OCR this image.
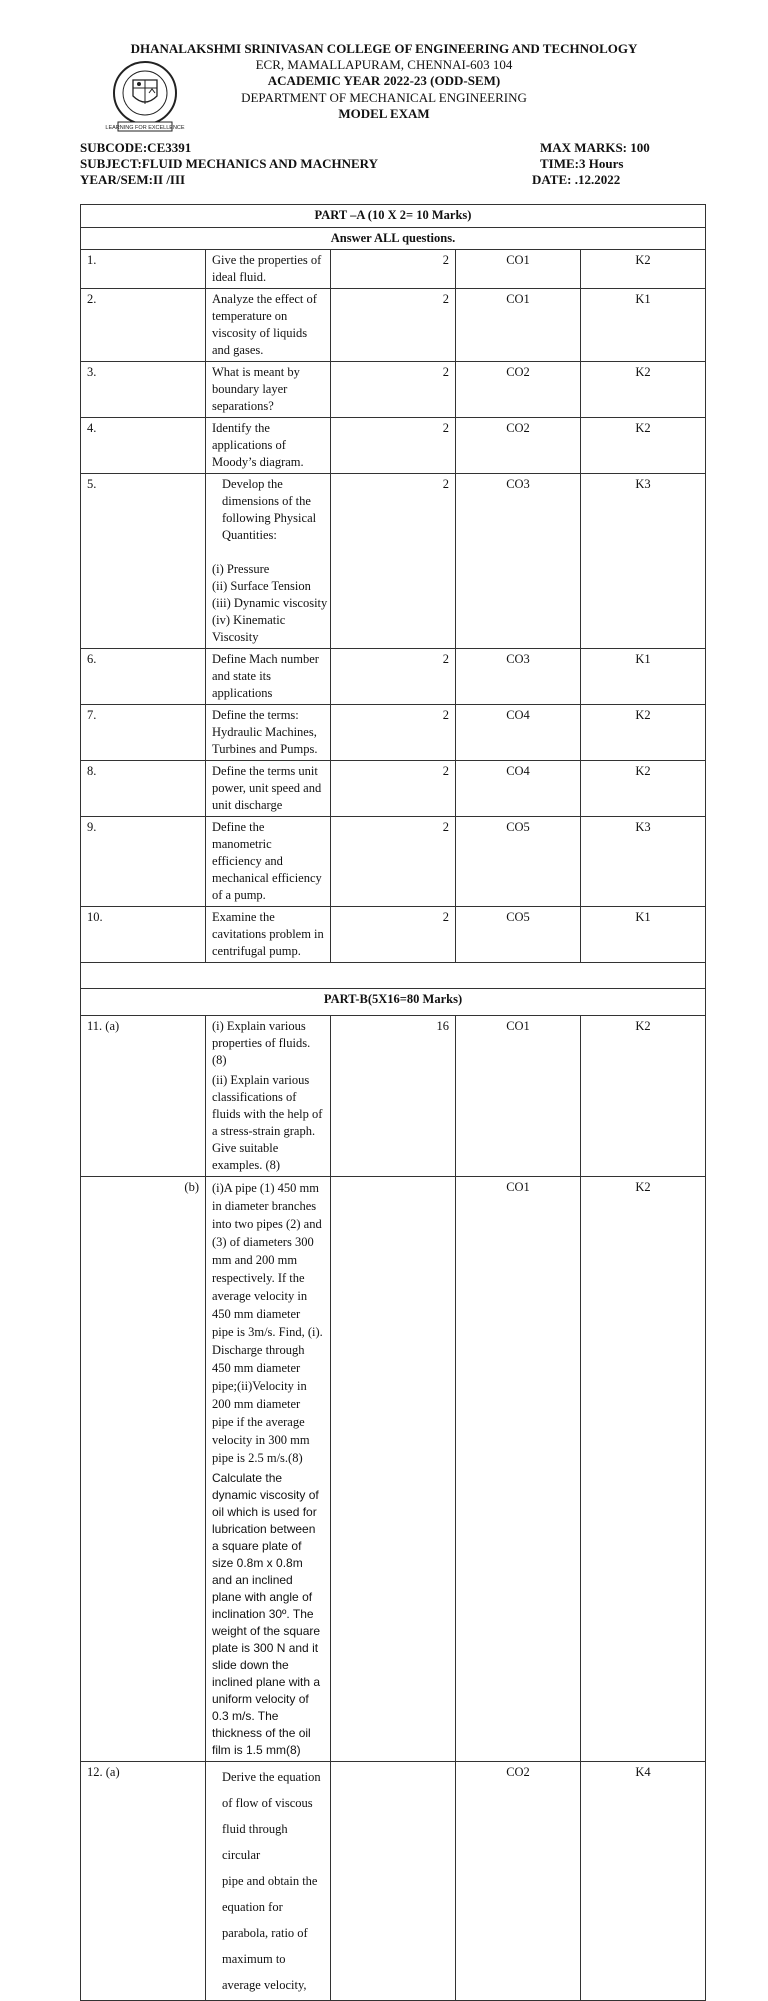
DHANALAKSHMI SRINIVASAN COLLEGE OF ENGINEERING AND TECHNOLOGY
LEARNING FOR EXCELLENCE
ECR, MAMALLAPURAM, CHENNAI-603 104
ACADEMIC YEAR 2022-23 (ODD-SEM)
DEPARTMENT OF MECHANICAL ENGINEERING
MODEL EXAM
SUBCODE:CE3391
SUBJECT:FLUID MECHANICS AND MACHNERY
YEAR/SEM:II /III
MAX MARKS: 100
TIME:3 Hours
DATE: .12.2022
PART –A (10 X 2= 10 Marks)				
Answer ALL questions.				
1.	Give the properties of ideal fluid.	2	CO1	K2
2.	Analyze the effect of temperature on viscosity of liquids and gases.	2	CO1	K1
3.	What is meant by boundary layer separations?	2	CO2	K2
4.	Identify the applications of Moody’s diagram.	2	CO2	K2
5.	Develop the dimensions of the following Physical Quantities:
(i) Pressure(ii) Surface Tension
(iii) Dynamic viscosity(iv) Kinematic Viscosity	2	CO3	K3
6.	Define Mach number and state its applications	2	CO3	K1
7.	Define the terms: Hydraulic Machines, Turbines and Pumps.	2	CO4	K2
8.	Define the terms unit power, unit speed and unit discharge	2	CO4	K2
9.	Define the manometric efficiency and mechanical efficiency of a pump.	2	CO5	K3
10.	Examine the cavitations problem in centrifugal pump.	2	CO5	K1

PART-B(5X16=80 Marks)				
11. (a)	(i) Explain various properties of fluids.(8)
(ii) Explain various classifications of fluids with the help of a stress-strain graph. Give suitable examples. (8)	16	CO1	K2
(b)	(i)A pipe (1) 450 mm in diameter branches into two pipes (2) and (3) of diameters 300 mm and 200 mm respectively. If the average velocity in 450 mm diameter pipe is 3m/s. Find, (i). Discharge through 450 mm diameter pipe;(ii)Velocity in 200 mm diameter pipe if the average velocity in 300 mm pipe is 2.5 m/s.(8)
Calculate the dynamic viscosity of oil which is used for lubrication between a square plate of size 0.8m x 0.8m and an inclined plane with angle of inclination 30º. The weight of the square plate is 300 N and it slide down the inclined plane with a uniform velocity of 0.3 m/s. The thickness of the oil film is 1.5 mm(8)		CO1	K2
12. (a)	Derive the equation of flow of viscous fluid through circular
pipe and obtain the equation for parabola, ratio of maximum to
average velocity,		CO2	K4
